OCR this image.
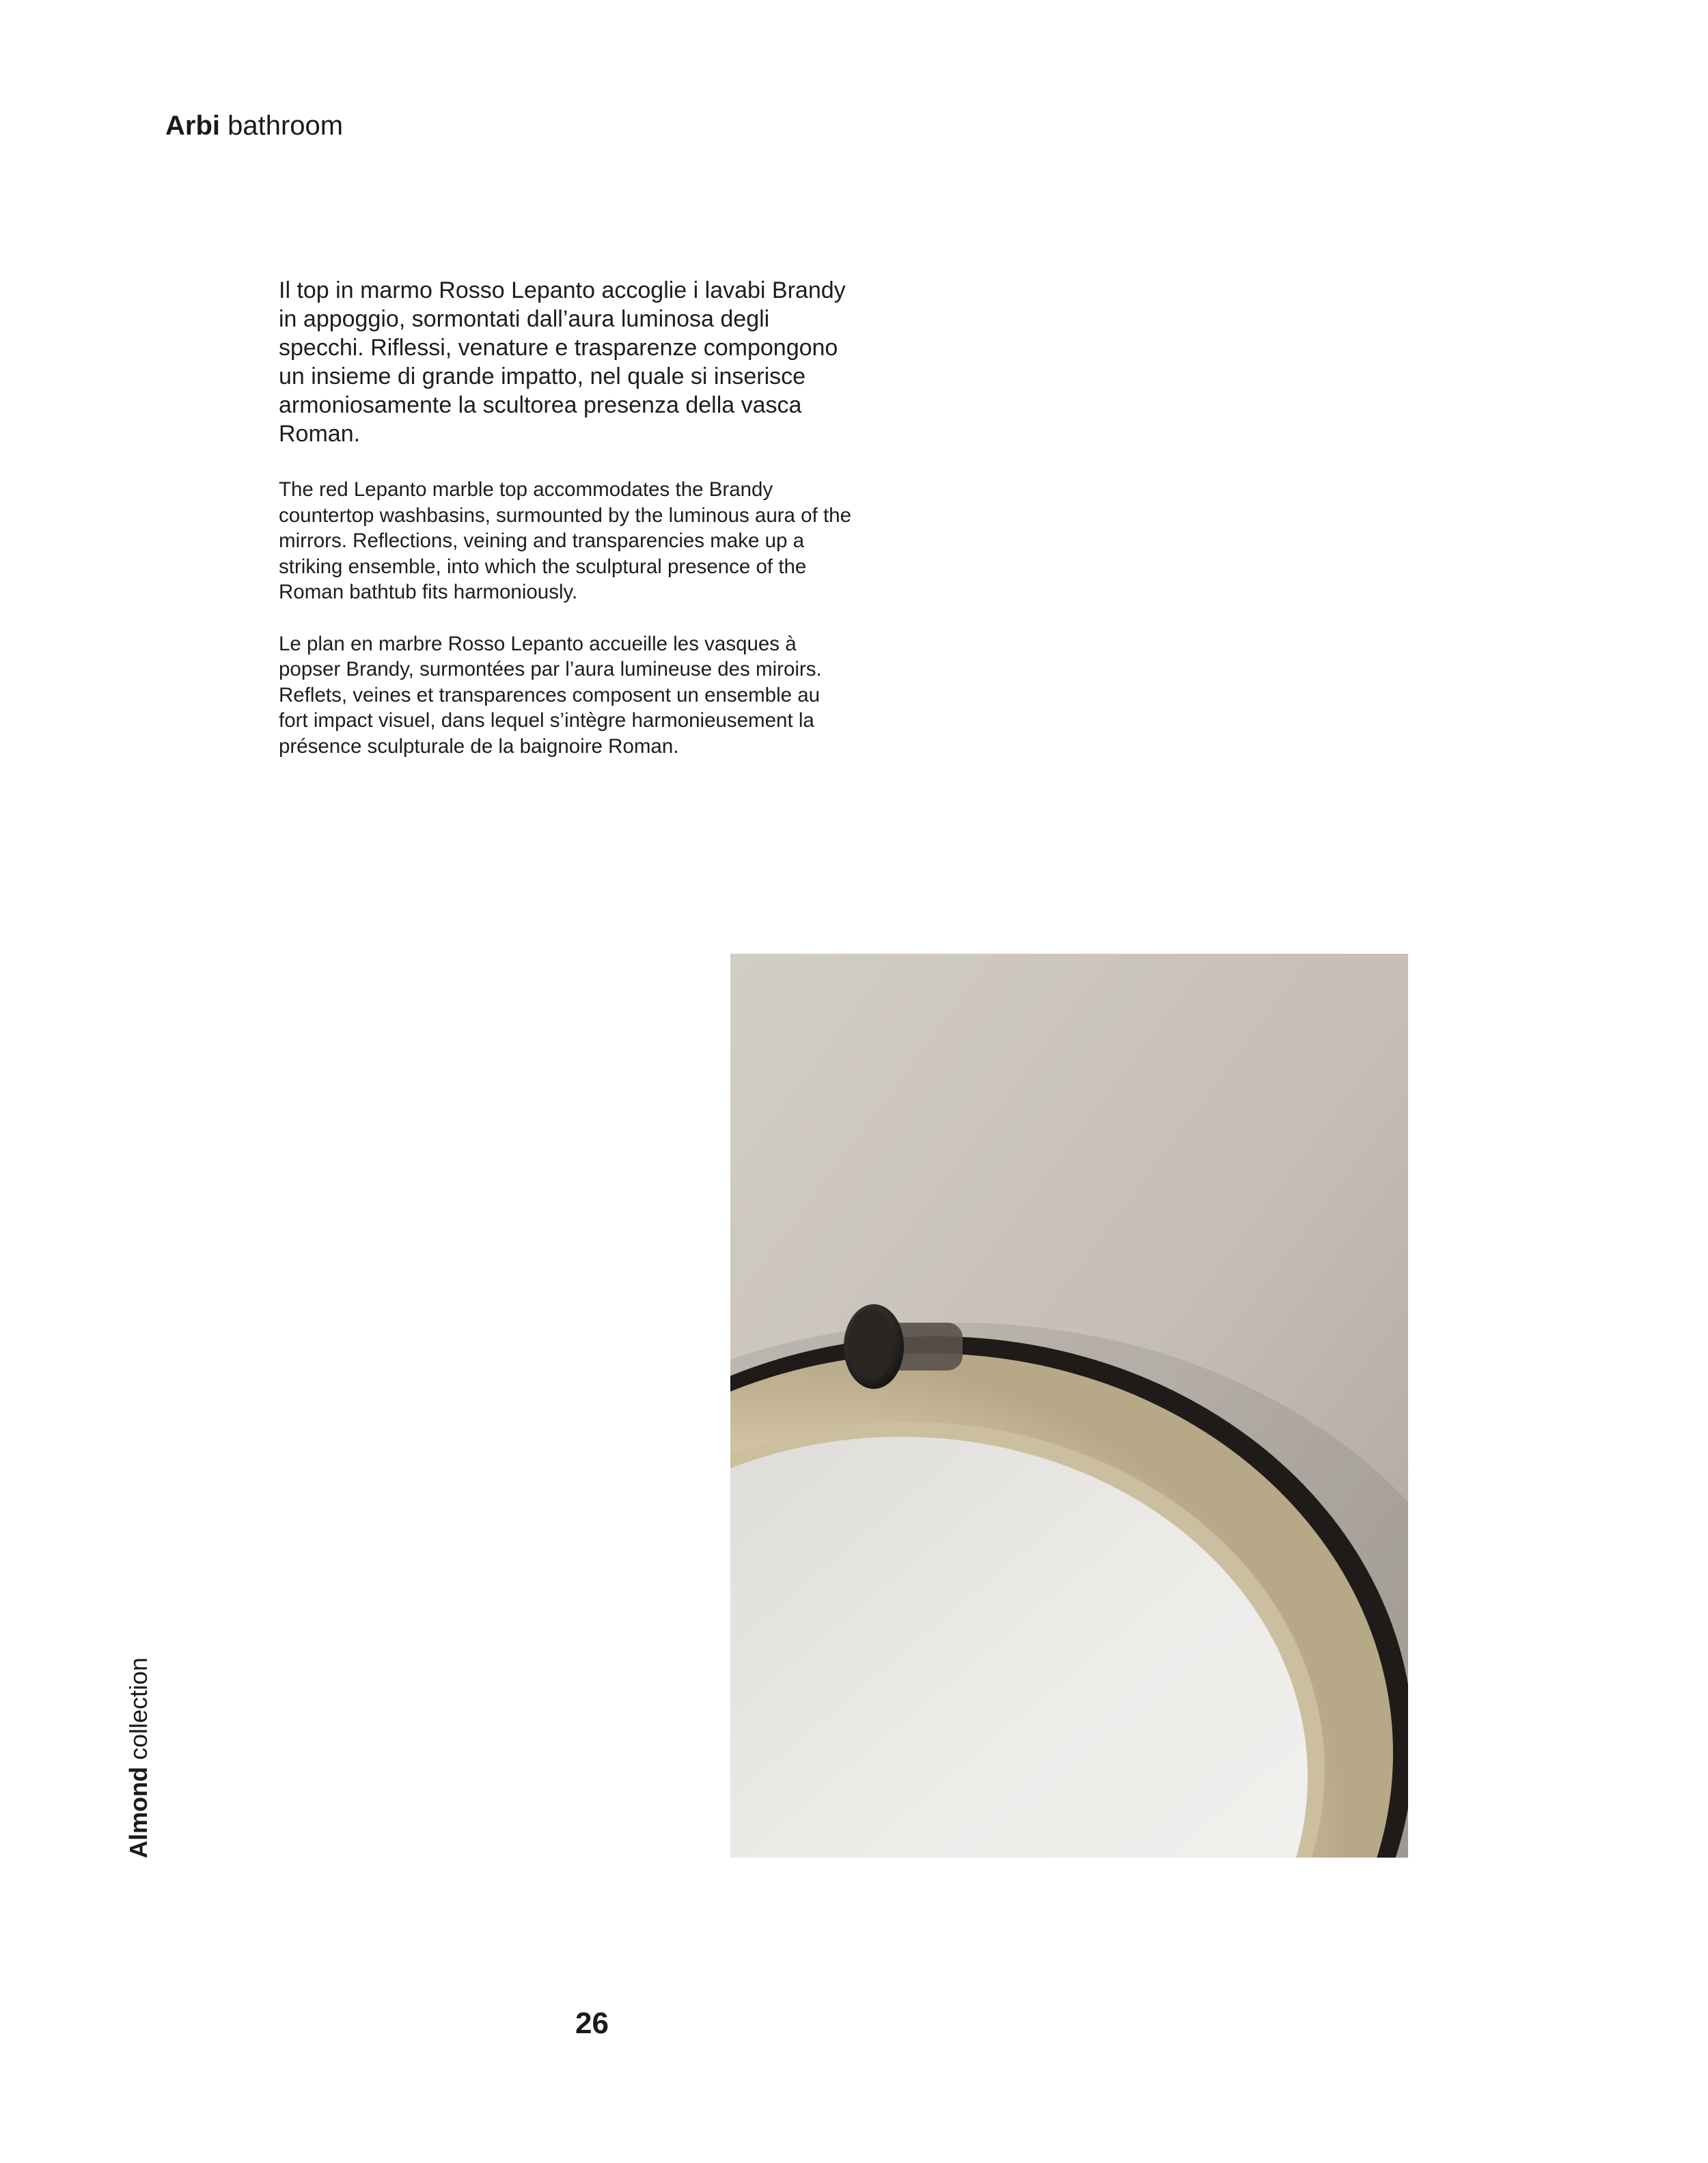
Arbi bathroom

Il top in marmo Rosso Lepanto accoglie i lavabi Brandy in appoggio, sormontati dall’aura luminosa degli specchi. Riflessi, venature e trasparenze compongono un insieme di grande impatto, nel quale si inserisce armoniosamente la scultorea presenza della vasca Roman.

The red Lepanto marble top accommodates the Brandy countertop washbasins, surmounted by the luminous aura of the mirrors. Reflections, veining and transparencies make up a striking ensemble, into which the sculptural presence of the Roman bathtub fits harmoniously.

Le plan en marbre Rosso Lepanto accueille les vasques à popser Brandy, surmontées par l’aura lumineuse des miroirs. Reflets, veines et transparences composent un ensemble au fort impact visuel, dans lequel s’intègre harmonieusement la présence sculpturale de la baignoire Roman.

Almond collection
26
